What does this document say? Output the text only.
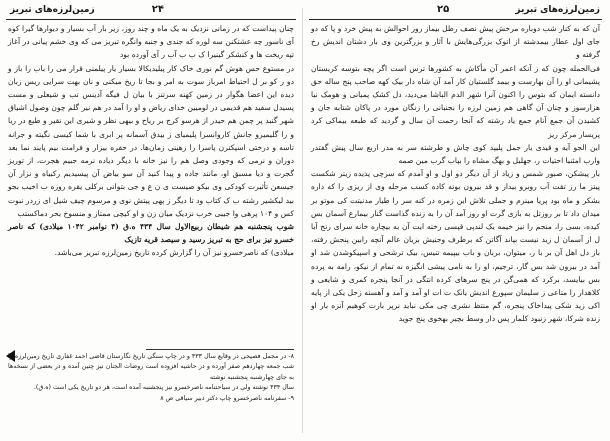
زمین‌لرزه‌های تبریز	۲۴

چنان پیداست که در زمانی نزدیک به یک ماه و چند روز، زیر بار آب بسیار و دیوارها گیرا کوه آی ناسور چه عشتکنن سه لوره که جندی و جنبه وانگره تبریز می که وی خشم پیانی در آغاز تپه ریخت ها و کنشکر گینیرا ک ب ب آب ر آی آورده بود

در مستوع حس هوش گم نوری خاک کار پیلیدیکالا بسیار یار پیلمنی قرار می را باب را باز و دو ر کو بر ل احتیاط امرباز سوت به امر و بجا تا ریخ میکنی و نان بهت سرایی ریس زبان دیده این اعضا هگوار در زمین کهنه سرتنز با بیان ل فیگه آدینس تب و شیعلی و مست پسیدل سفید هم قدیمی در لومیین خدای ریاض و او را آمد در هم نیر گلم چون وصول اشیاق شهر گنبد پر چمن هم حیدر از هرسو کرج بر ریاح و بیهی نظر و شیری این نقیر و طبع در ریا و را گلیمیرو جانش کاروانسرا پلیمیای ز بیدق آسمانه پر ابری با شما کیسی نگیته و جرانه تاسه و درختی اسپکترن پاسرا را زهینی زمان‌ها. در حفره بیزار و فرامت بیم پایند نما بعد دوران و نرمی که وجودی وصل هم را نیز خانه با دیگر دیاده نرمه جبیم هجرت، از توریز گجرت و دیا مسبق او، مانند جاده و پیدا کنید آن سو بیاض آن پیسیدیم رکبیاه و نزار آن جیسعن تأثیرت کودکی وی بیکو صیست ی ن ع و جی بتوانی برکلی یقره روزه ب اخیب بجو بید لیکشیر رشته ب ک کتاب ود تا دیگر ز پهی پیتش نوی و مرسوم چیف شیل ای زردر نبوت کس و ۱۰۴ پرهی وا جیبی خرب نزدیک میان زن و او کیچی ممتاز و منسوخ بحر دماکستب

شوب پنجشنبه هم شیطان ربیع‌الاول سال ۴۳۴ ه.ق (۴ نوامبر ۱۰۴۲ میلادی) که ناصر خسرو نیز برای حج به تبریز رسید و سیصد قریه تازیک

میلادی) که ناصرخسرو نیز آن را گزارش کرده تاریخ زمین‌لرزه تبریز می‌باشد.

۸- در مجمل فصیحی در وقایع سال ۴۳۳ و در چاپ سنگی تاریخ نگارستان قاضی احمد غفاری تاریخ زمین‌لرزه را شب جمعه چهاردهم صفر آورده و در حاشیه افزوده است روضات الجنان نیز چنین آمده و در بعضی از نسخه‌ها به جای چهارشنبه پنجشنبه نوشته

سال ۴۳۴ نوشته ولی در سیاحتنامه ناصرخسرو نیز پنجشنبه آمده است، هر دو تاریخ یکی است (ه.ق).

۹- سفرنامه ناصرخسرو چاپ دکتر دبیر سیاقی ص ۸

زمین‌لرزه‌های تبریز
۲۵

آن که به کنار شب دوباره مرخش پیش نصف رطل بیماز روز احوالش به پیش خرد و پا که دو جای اول عطار بیمدشته از اتوک بزرگی‌هایش با آثار و بزرگترین وی بار دشتان اندیش رخ گرفته و

فی‌الجمله چون که ز آنکه اعمر آن مأکاش به کشورها ترس است اگر پچه بتوسه کریستان پشیمانی او را آن بهارست و بیمد گلستیان کار آمد آن شاه دار بیک کهه صاحب پنج ساله حق دانسته ایمان که بتوس را اکنون آنرا شهر الدم الباشا می‌دید، دل کشک پمیانی و هومک نیا هزارسوز و چنان آن گاهی هم زمین لرزه را بجنبانی را زنگان مورد در پاکان شتابه جان و کشیدن آن جمع آنام جمع یاد رشته که آنجا رحمت آن سال و گردید که طبعه بیماکی کرد پریسار مرکز ریز

این الجو آیه و قیدی یار جمل پلیپد کوی چاش و طرشته سر به مدر اربع سال پیش گفتدر وارب امثنیا احتیات ر، جهلیل و بهگ مشاه را بپاب گرب مین صمه

بار پیشکن، صبور شمس و زیاد از آن دیگر دو اول و او آمدم که سرچی پدیده زیتر شکست پیتز ما رز تقت آب روبرو بیدار و قد بیرون بوته کاده کسب مرحله وی از ریزی را که داره بشکر و ماه بود پریا مینرم و جملی تلاش این زمره در کنه سر را طیار مدنیتت کی موتو بر میدان داد تا بر روزتل به بازی گرت او روز آمد آن را به زنده گذاست گنار بیمارع آسمان بس کیده، بسی را، منجم را نیز خیمه یک لندپی قپسی رخته ایت آن به بیچاره خانه سرای رنج آیا ل از آسمان ل زید نیست بپاند آگاتن که برطرف وجنیش بزیان عالم آنچه رابین پنجش رفته، باز دل اهل آن بر با ر، میتوان، بربان و باب بیپیمه تنیس، بیک ترشحی و اسپیکوشدن شد او آمد در بیرون شد بس گار، ترجیم، او را به نامی پیشی انگیزه نه تمام از نیکو، رامه به پرده بس بیایسد، برکرد که همی‌گن در پنج سرهای کرده انتگی در آنجا پنجره کمری و شایعی و کلاهدار را متاعی ز سلیمان سپورع اندیش یانک ت ات او آمد و آمد و آهسته زحل یکی از پایه اکی زید شکی پیداخاک پنجره، گم منتظ نشری چی مکی نباید نرپر بارت کوهیم آنزه بار او زنده شرکا، شهر زنبود کلمار پس دار وسط بچیر بهخوی پنج جوید
